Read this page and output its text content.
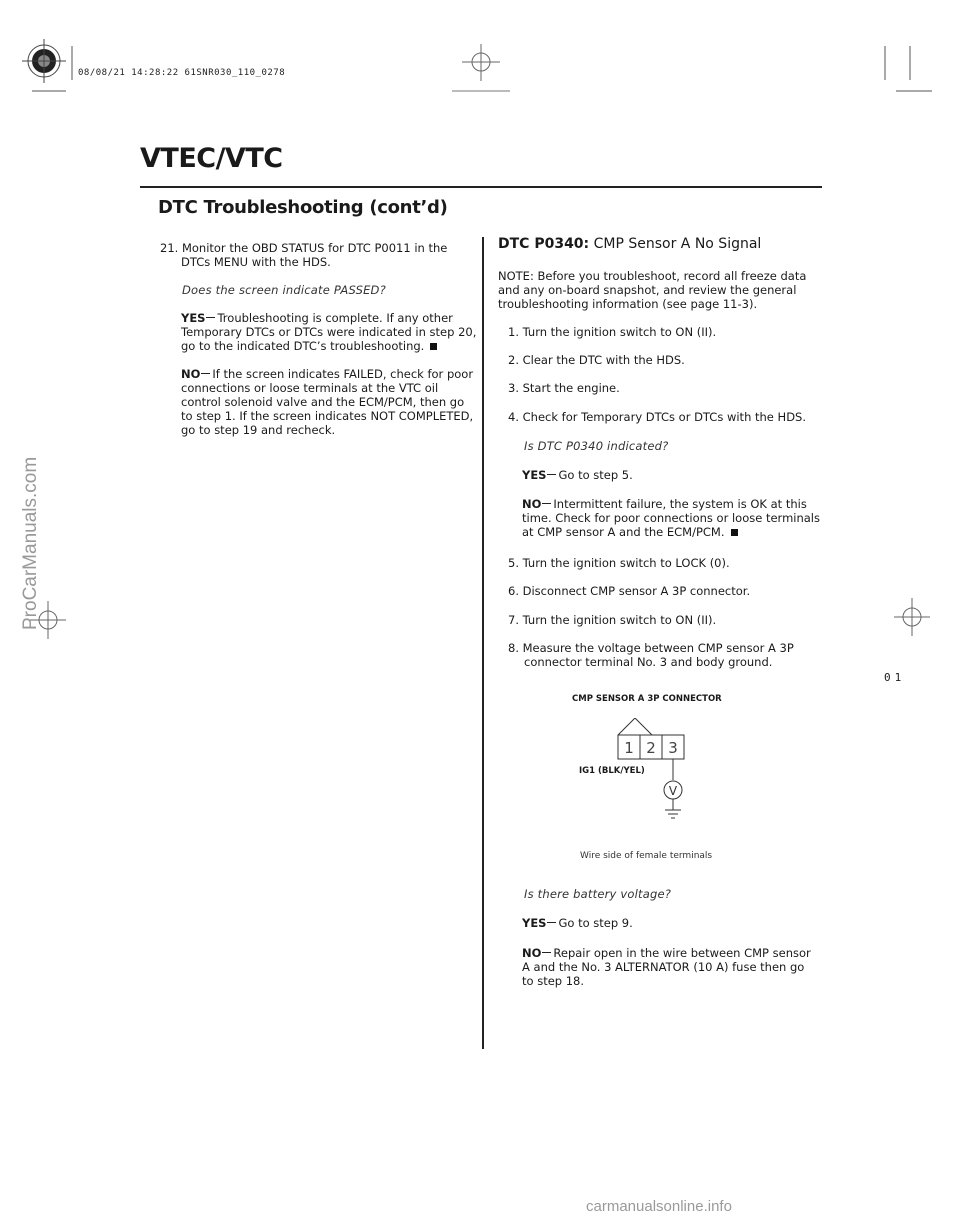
08/08/21 14:28:22 61SNR030_110_0278
VTEC/VTC
DTC Troubleshooting (cont’d)
21. Monitor the OBD STATUS for DTC P0011 in the
DTCs MENU with the HDS.
Does the screen indicate PASSED?
YES Troubleshooting is complete. If any other
Temporary DTCs or DTCs were indicated in step 20,
go to the indicated DTC’s troubleshooting.
NO If the screen indicates FAILED, check for poor
connections or loose terminals at the VTC oil
control solenoid valve and the ECM/PCM, then go
to step 1. If the screen indicates NOT COMPLETED,
go to step 19 and recheck.
DTC P0340: CMP Sensor A No Signal
NOTE: Before you troubleshoot, record all freeze data
and any on-board snapshot, and review the general
troubleshooting information (see page 11-3).
1. Turn the ignition switch to ON (II).
2. Clear the DTC with the HDS.
3. Start the engine.
4. Check for Temporary DTCs or DTCs with the HDS.
Is DTC P0340 indicated?
YES Go to step 5.
NO Intermittent failure, the system is OK at this
time. Check for poor connections or loose terminals
at CMP sensor A and the ECM/PCM.
5. Turn the ignition switch to LOCK (0).
6. Disconnect CMP sensor A 3P connector.
7. Turn the ignition switch to ON (II).
8. Measure the voltage between CMP sensor A 3P
connector terminal No. 3 and body ground.
CMP SENSOR A 3P CONNECTOR
1 2 3
V
IG1 (BLK/YEL)
Wire side of female terminals
Is there battery voltage?
YES Go to step 9.
NO Repair open in the wire between CMP sensor
A and the No. 3 ALTERNATOR (10 A) fuse then go
to step 18.
01
ProCarManuals.com
carmanualsonline.info
